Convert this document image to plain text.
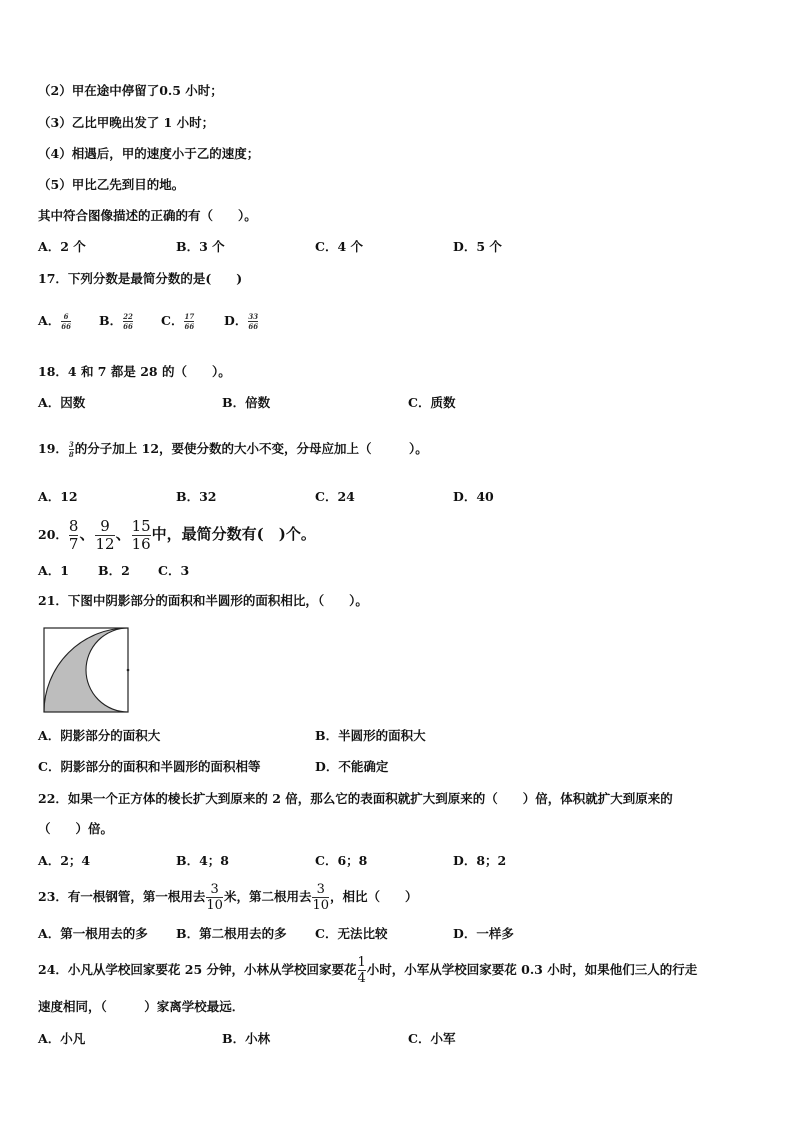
（2）甲在途中停留了0.5 小时；
（3）乙比甲晚出发了 1 小时；
（4）相遇后，甲的速度小于乙的速度；
（5）甲比乙先到目的地。
其中符合图像描述的正确的有（　　）。
A．2 个	B．3 个	C．4 个	D．5 个
17．下列分数是最简分数的是(　　)
A． $\frac{6}{66}$ B． $\frac{22}{66}$ C． $\frac{17}{66}$ D． $\frac{33}{66}$
18．4 和 7 都是 28 的（　　）。
A．因数	B．倍数	C．质数
19． $\frac{3}{8}$ 的分子加上 12，要使分数的大小不变，分母应加上（　　　）。
A．12	B．32	C．24	D．40
20． $\frac{8}{7}$ 、 $\frac{9}{12}$ 、 $\frac{15}{16}$ 中，最简分数有(　)个。
A．1 B．2 C．3
21．下图中阴影部分的面积和半圆形的面积相比，（　　）。
A．阴影部分的面积大	B．半圆形的面积大
C．阴影部分的面积和半圆形的面积相等	D．不能确定
22．如果一个正方体的棱长扩大到原来的 2 倍，那么它的表面积就扩大到原来的（　　）倍，体积就扩大到原来的
（　　）倍。
A．2；4	B．4；8	C．6；8	D．8；2
23．有一根钢管，第一根用去 $\frac{3}{10}$ 米，第二根用去 $\frac{3}{10}$ ，相比（　　）
A．第一根用去的多 B．第二根用去的多 C．无法比较	D．一样多
24．小凡从学校回家要花 25 分钟，小林从学校回家要花 $\frac{1}{4}$ 小时，小军从学校回家要花 0.3 小时，如果他们三人的行走
速度相同，（　　　）家离学校最远．
A．小凡	B．小林	C．小军
